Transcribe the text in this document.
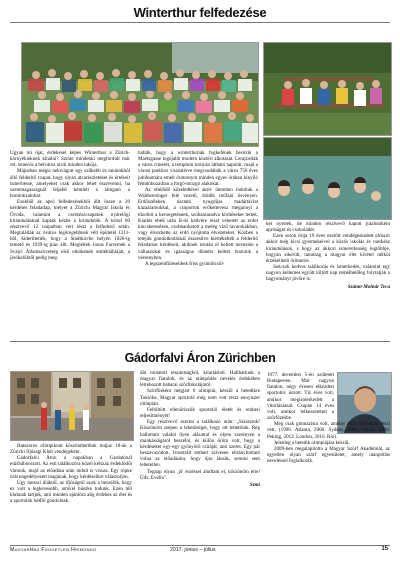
Winterthur felfedezése

Ugyan mi újat, érdekeset képes Winterthur a Zürich-környékieknek kínálni? Szinte mindenki megfordult már ott, ismerős a belváros utcái minden lakója.

Májusban mégis nekivágott egy szűkebb és tanárokból álló felderítő csapat, hogy olyan utcarészleteket és értékeit ismerhesse, amelyeket csak akkor lehet észrevenni, ha szemmagasságnál feljebb kémleli a látogató a homlokzatokat.

Ezekből az apró felfedezésekből állt össze a 20 kérdéses feladatlap, melyet a Zürichi Magyar Iskola és Óvoda, valamint a cserkészcsapatok nyárelőgi kirándulásánál kaptak kézbe a kirándulók. A közel 80 résztvevő 12 csapatban vett részt a felfedező sétán. Megtalálták az óváros legöregebbnek vélt épületét 1311-ből, kideríttették, hogy a Stadtkirche helyén 1826-ig temető és 1939-ig piac állt. Megleltek Jonas Furrernek a Svájci Államszövetség első elnökének emléktábláját, a járókelőktől pedig meg-

tudták, hogy a winterthuriak fogkefének becézik a Marktgasse legújabb modern köztéri alkotását. Lerajzolták a város címerét, a templom tornyán látható napórát, majd a városi parkhoz visszatérve megcsodálták a város 750 éves jubileumára emelt óratornyot minden egyes órában kinyíló fémdobozaiban a forgó-mozgó alakokat.

Az ebédidő közeledtével aktív ütemben indultak a Waldweninger felé vezető, ötödik műfajú ösvényen. Erdőszéleken úsztató nyugdíjas madártávlat kazaáramokkal, a csoportok erőkettevesz megannyi a tűzoltót a kecsegetésnek, szóbamaradva körítéseket tettek. Kiadós ebéd után ki-ki kedvére részt vehetett az erdei kincskeresésen, csobbanhatott a meleg vízű tavacskákban, vagy élvezhette az erdő nyújtotta élvezeteket. Közben a tetejük gondolkodásnál összesítve kiértékelték a felderítő feladatsor kérdéseit, akiknek ezután el kellett neveznie a vállaszokat és igazságos döntést kellett hozniuk a versenyben.

A legszemfülesebbek friss gyümölcsöl-

ket nyertek, de minden résztvevő kapott jutalomként apróságot és csokoládét.

Ezen sorok írója 19 éves ezelőtt vendégeskedett először akkor még kicsi gyermekeivel a közös iskolás és cserkész kirándulások, s hogy az akkori ismeretlenség legtöbbje, hogyan sikerült, tanulság a magyar élet kivétel nélkül érzékelhető örömeire.

Sok-sok kedves találkozás és ismerkedés, valamint egy nagyon kellemes együtt töltött nap remélhetőleg folytatják a hagyományt jövőre is.

Szántó-Molnár Teca

Gádorfalvi Áron Zürichben

Hatszoros olimpikont köszönthettünk május 18-án a Zürichi Ifjúsági Klub vendégeként.

Gádorfalvi Áron a napokban a Gardatónál edzőtáborozott. Az esti találkozóra közel kétszáz érdeklődőt vártunk, majd az előadása után indult is vissza. Egy röpke órát engedélyezett magának, hogy kérdéseikre válaszoljon.

Ugy messzi diáktól, az ifjúságtól azok a beszélők, hogy ez volt a legkevesebb, amivel büszke tudunk. Ezen téli klubnak tartjuk, ami minden ajánlóra alig érdekes az élet és a sportolók hétfői gondolnak.

dát mutatott elszántságból, kitartásból. Hallhattunk a magyar fiatalok, és az utánpótlás nevelés érdekében létrehozott habarai szörfiskolájáról.

Szörfösként megjárt 6 olimpiát, készül a hetedikre Tokióba, Magyar sportoló még nem vett részt ennyiszer olimpián.

Feltöltött ellenőrizzük sportolói életét és emberi teljesítményét!

Egy résztvevő szerint a találkozó után: „Sziasztok! Köszönöm szépen a lehetőséget, hogy ott lehettünk. Rég hallottam valakit ilyen alázattal és olyen szerényen a munkásságáról beszélni, és külön öröm volt, hogy a kérdéseket egy-egy gyönyörű csíráját, ami szeret. Egy pár beszavazódott, frusztrált embert szívesen elirányítottam volna az előadására, hogy újra lássák, semmi sem lehetetlen.

Tegnap olyan ‚jó' érzéssel aludtam el, köszönöm érte! Üdv. Evelin".

Szmt

1977. december 5-én született Budapesten. Már nagyon fiatalon, négy évesen elkezdett sportolni: úszott. Tíz éves volt, amikor megismerkedett a vitorlázással. Csupán 14 éves volt, amikor lelkeszetettel a szörfözésbe.

Még csak gimnazista volt, amikor első olimpiáján részt vett. (1996. Atlanta, 2000. Sydney, 2004. Athén, 2008. Peking, 2012. London, 2016. Rió).

Jelenleg a hetedik olimpiájára készül.

2009-ben megalapította a Magyar Szörf Akadémiát, az egyetlen olyan szörf egyesületet, amely utánpótlás neveléssel foglalkozik.

MagyarHáz Független Hírmondó	2017. június – július	15
